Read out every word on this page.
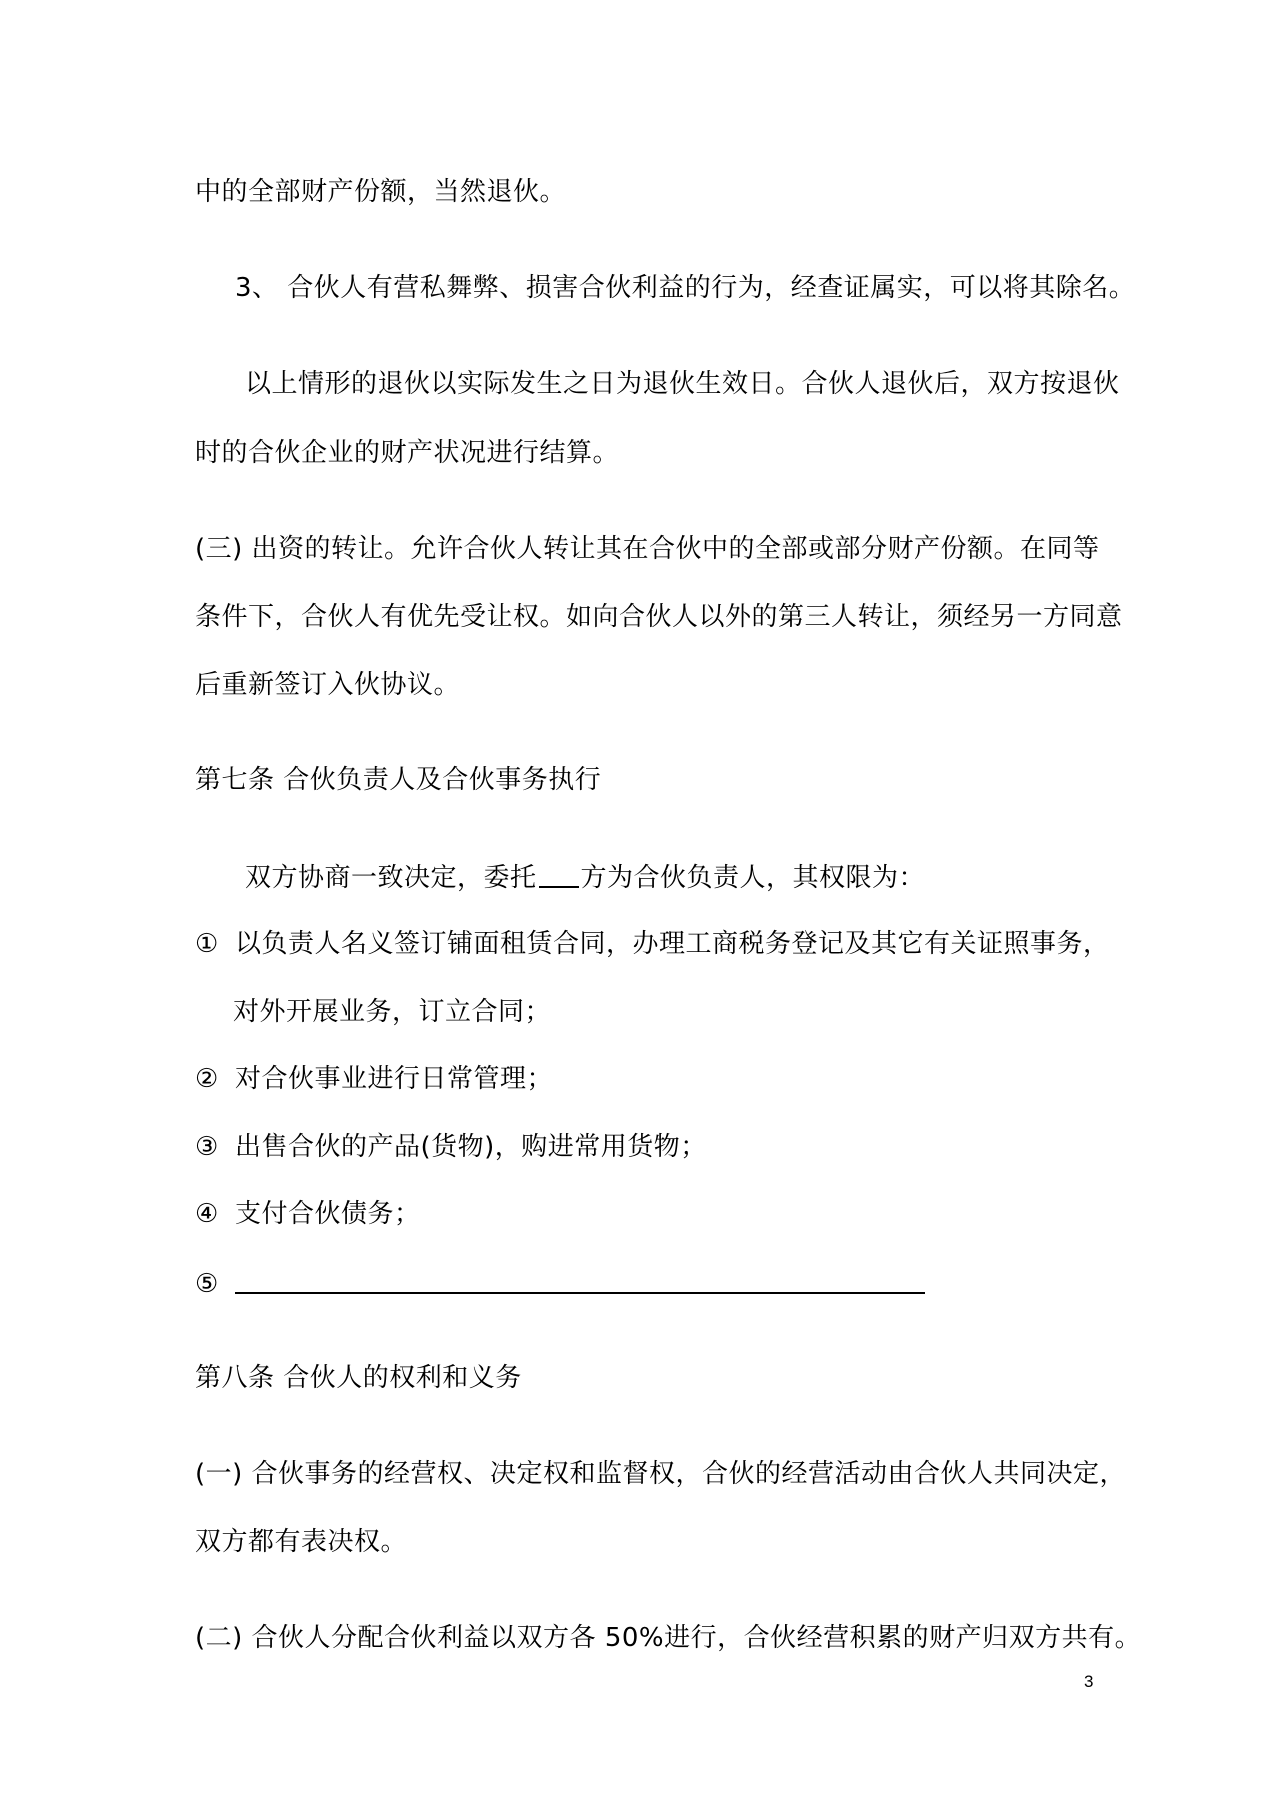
中的全部财产份额，当然退伙。
3、 合伙人有营私舞弊、损害合伙利益的行为，经查证属实，可以将其除名。
以上情形的退伙以实际发生之日为退伙生效日。合伙人退伙后，双方按退伙
时的合伙企业的财产状况进行结算。
(三) 出资的转让。允许合伙人转让其在合伙中的全部或部分财产份额。在同等
条件下，合伙人有优先受让权。如向合伙人以外的第三人转让，须经另一方同意
后重新签订入伙协议。
第七条 合伙负责人及合伙事务执行
双方协商一致决定，委托 方为合伙负责人，其权限为：
① 以负责人名义签订铺面租赁合同，办理工商税务登记及其它有关证照事务，
对外开展业务，订立合同；
② 对合伙事业进行日常管理；
③ 出售合伙的产品(货物)，购进常用货物；
④ 支付合伙债务；
⑤
第八条 合伙人的权利和义务
(一) 合伙事务的经营权、决定权和监督权，合伙的经营活动由合伙人共同决定，
双方都有表决权。
(二) 合伙人分配合伙利益以双方各 50%进行，合伙经营积累的财产归双方共有。
3
